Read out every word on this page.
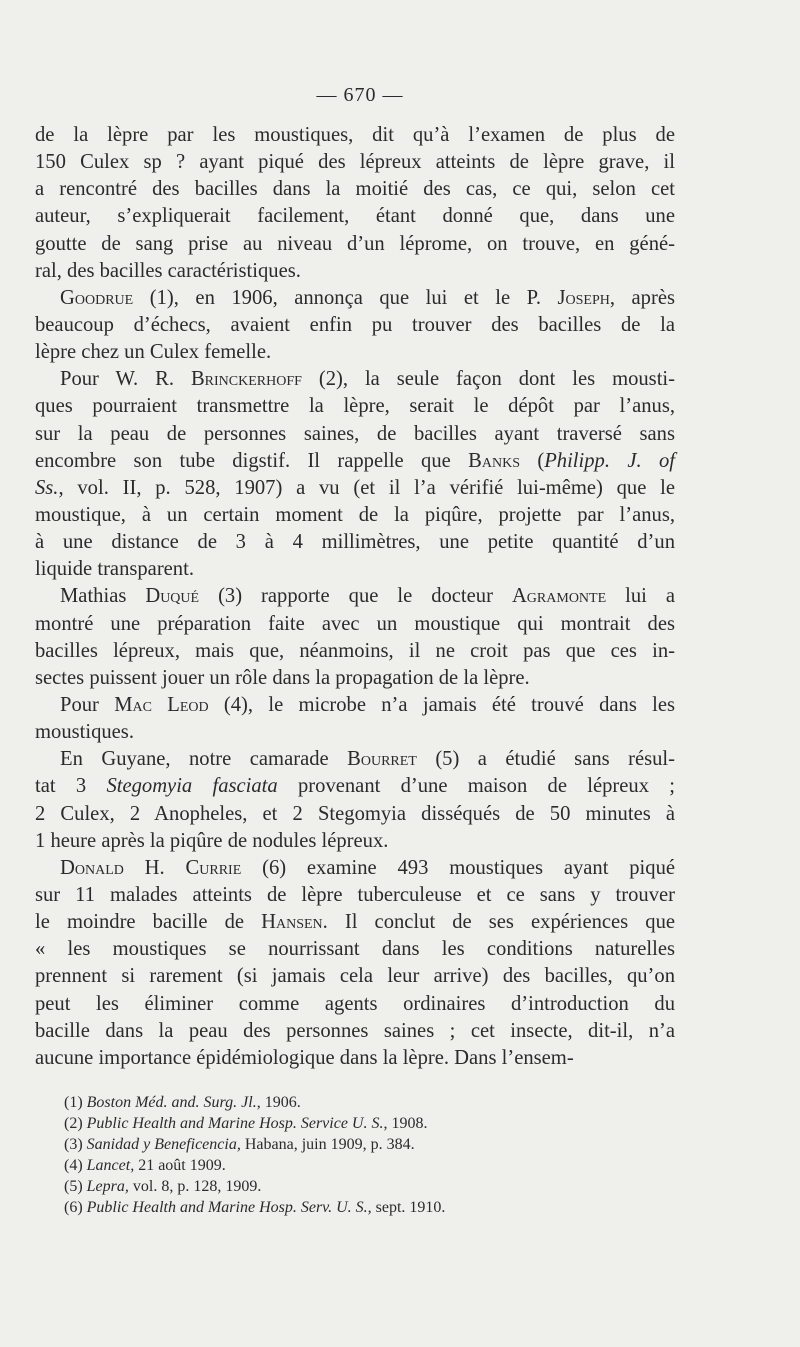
— 670 —
de la lèpre par les moustiques, dit qu’à l’examen de plus de
150 Culex sp ? ayant piqué des lépreux atteints de lèpre grave, il
a rencontré des bacilles dans la moitié des cas, ce qui, selon cet
auteur, s’expliquerait facilement, étant donné que, dans une
goutte de sang prise au niveau d’un léprome, on trouve, en géné-
ral, des bacilles caractéristiques.
Goodrue (1), en 1906, annonça que lui et le P. Joseph, après
beaucoup d’échecs, avaient enfin pu trouver des bacilles de la
lèpre chez un Culex femelle.
Pour W. R. Brinckerhoff (2), la seule façon dont les mousti-
ques pourraient transmettre la lèpre, serait le dépôt par l’anus,
sur la peau de personnes saines, de bacilles ayant traversé sans
encombre son tube digstif. Il rappelle que Banks (Philipp. J. of
Ss., vol. II, p. 528, 1907) a vu (et il l’a vérifié lui-même) que le
moustique, à un certain moment de la piqûre, projette par l’anus,
à une distance de 3 à 4 millimètres, une petite quantité d’un
liquide transparent.
Mathias Duqué (3) rapporte que le docteur Agramonte lui a
montré une préparation faite avec un moustique qui montrait des
bacilles lépreux, mais que, néanmoins, il ne croit pas que ces in-
sectes puissent jouer un rôle dans la propagation de la lèpre.
Pour Mac Leod (4), le microbe n’a jamais été trouvé dans les
moustiques.
En Guyane, notre camarade Bourret (5) a étudié sans résul-
tat 3 Stegomyia fasciata provenant d’une maison de lépreux ;
2 Culex, 2 Anopheles, et 2 Stegomyia disséqués de 50 minutes à
1 heure après la piqûre de nodules lépreux.
Donald H. Currie (6) examine 493 moustiques ayant piqué
sur 11 malades atteints de lèpre tuberculeuse et ce sans y trouver
le moindre bacille de Hansen. Il conclut de ses expériences que
« les moustiques se nourrissant dans les conditions naturelles
prennent si rarement (si jamais cela leur arrive) des bacilles, qu’on
peut les éliminer comme agents ordinaires d’introduction du
bacille dans la peau des personnes saines ; cet insecte, dit-il, n’a
aucune importance épidémiologique dans la lèpre. Dans l’ensem-
(1) Boston Méd. and. Surg. Jl., 1906.
(2) Public Health and Marine Hosp. Service U. S., 1908.
(3) Sanidad y Beneficencia, Habana, juin 1909, p. 384.
(4) Lancet, 21 août 1909.
(5) Lepra, vol. 8, p. 128, 1909.
(6) Public Health and Marine Hosp. Serv. U. S., sept. 1910.
